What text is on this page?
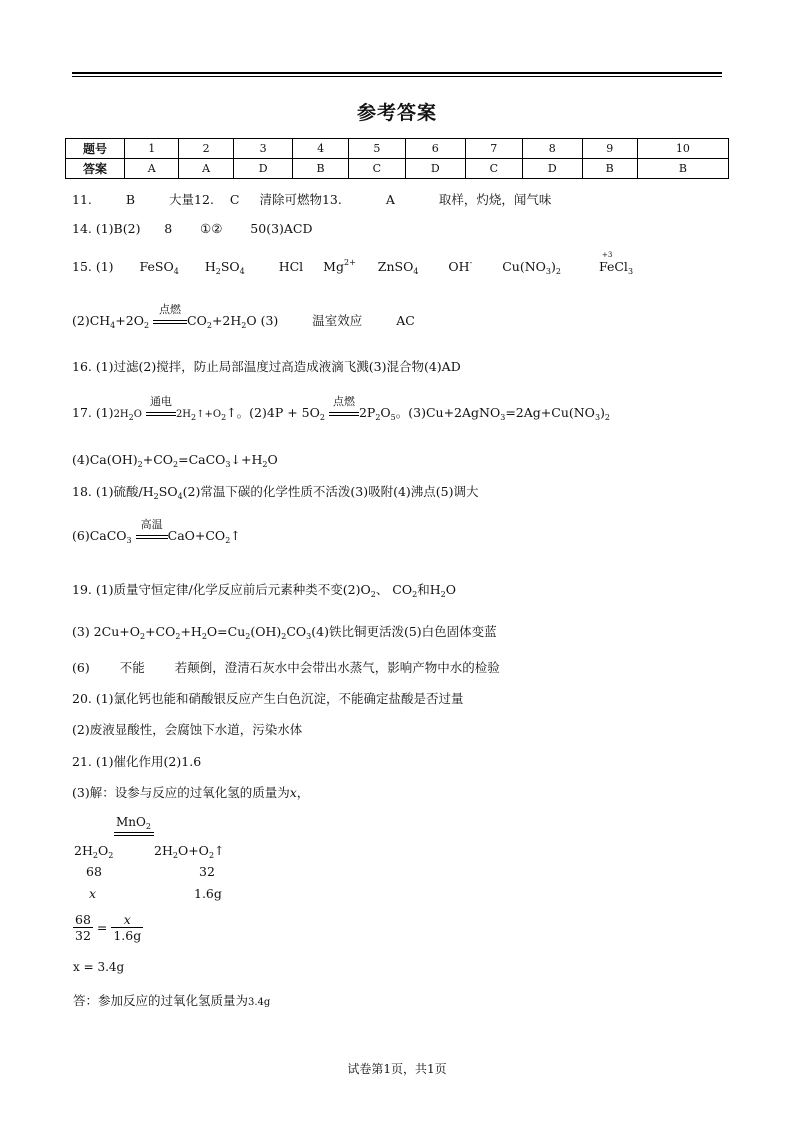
参考答案
题号	1	2	3	4	5	6	7	8	9	10
答案	A	A	D	B	C	D	C	D	B	B
11.	B	大量12. C 清除可燃物13.	A	取样，灼烧，闻气味
14. (1)B(2)      8       ①②       50(3)ACD
15. (1) FeSO$_4$ $H_2SO_4$	HCl $Mg^{2+}$ ZnSO$_4$ OH- $Cu(NO_3)_2$
+3
FeCl$_3$
$(2)CH_4+2O_2$
点燃
$CO_2+2H_2O$ (3)	温室效应	AC
16. (1)过滤(2)搅拌，防止局部温度过高造成液滴飞溅(3)混合物(4)AD
17. $(1)2H_2O$
通电
$2H_2↑+O_2↑$。$(2)4P + 5O_2$
点燃
$2P_2O_5$。$(3)Cu+2AgNO_3=2Ag+Cu(NO_3)_2$
$(4)Ca(OH)_2+CO_2=CaCO_3↓+H_2O$
18. (1)硫酸$/H_2SO_4(2)$常温下碳的化学性质不活泼(3)吸附(4)沸点(5)调大
(6)CaCO$_3$
高温
$CaO+CO_2↑$
19. (1)质量守恒定律/化学反应前后元素种类不变$(2)O_2$、 $CO_2$和$H_2O$
(3) $2Cu+O_2+CO_2+H_2O=Cu_2(OH)_2CO_3(4)$铁比铜更活泼(5)白色固体变蓝
(6) 不能 若颠倒，澄清石灰水中会带出水蒸气，影响产物中水的检验
20. (1)氯化钙也能和硝酸银反应产生白色沉淀，不能确定盐酸是否过量
(2)废液显酸性，会腐蚀下水道，污染水体
21. (1)催化作用(2)1.6
(3)解：设参与反应的过氧化氢的质量为x，
MnO$_2$
$2H_2O_2$	$2H_2O+O_2↑$
68	32
x	1.6g
$\frac{68}{32} = \frac{x}{1.6g}$
x = 3.4g
答：参加反应的过氧化氢质量为3.4g
试卷第1页，共1页
